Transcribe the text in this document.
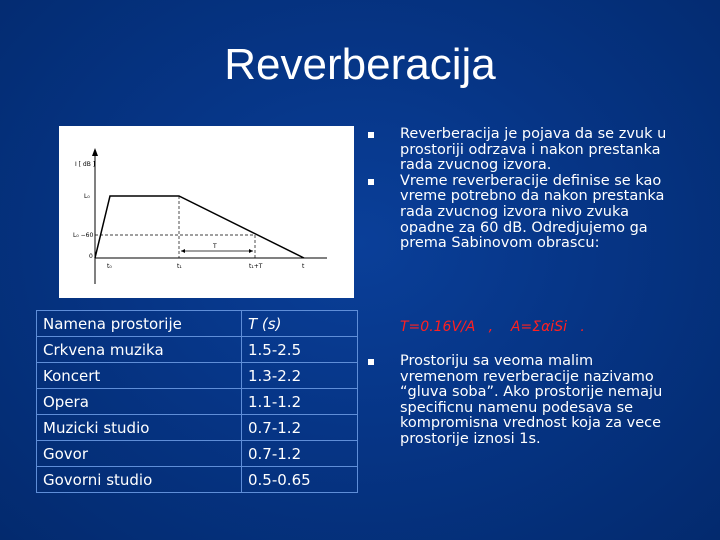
Reverberacija
I [ dB ]
L₀
L₀ −60
0
t₀	t₁	t₁+T	t
T
Namena prostorije	T (s)
Crkvena muzika	1.5-2.5
Koncert	1.3-2.2
Opera	1.1-1.2
Muzicki studio	0.7-1.2
Govor	0.7-1.2
Govorni studio	0.5-0.65
Reverberacija je pojava da se zvuk u prostoriji odrzava i nakon prestanka rada zvucnog izvora.
Vreme reverberacije definise se kao vreme potrebno da nakon prestanka rada zvucnog izvora nivo zvuka opadne za 60 dB. Odredjujemo ga prema Sabinovom obrascu:
T=0.16V/A   ,    A=ΣαiSi   .
Prostoriju sa veoma malim vremenom reverberacije nazivamo “gluva soba”. Ako prostorije nemaju specificnu namenu podesava se kompromisna vrednost koja za vece prostorije iznosi 1s.
